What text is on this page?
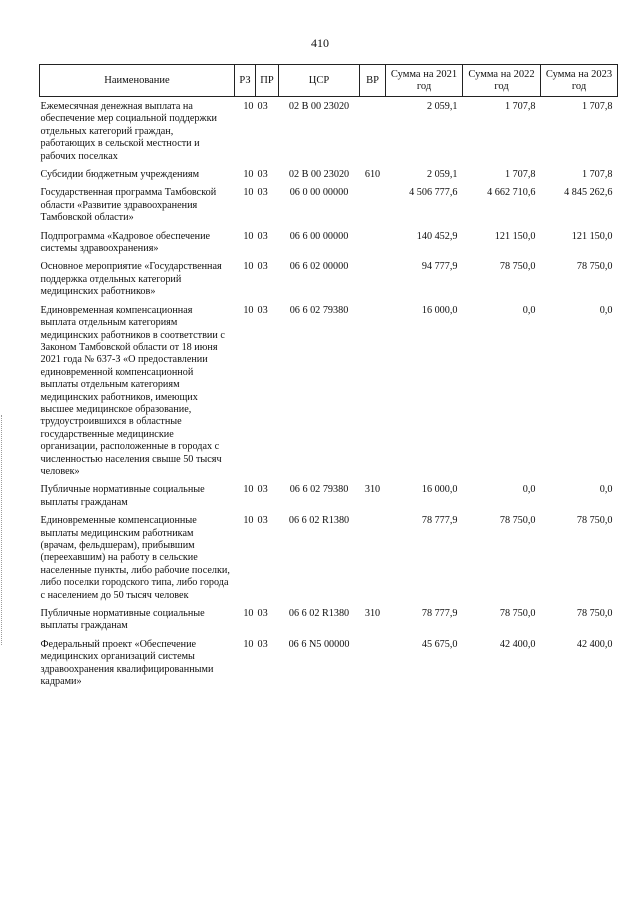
410
Наименование	РЗ	ПР	ЦСР	ВР	Сумма на 2021 год	Сумма на 2022 год	Сумма на 2023 год
Ежемесячная денежная выплата на обеспечение мер социальной поддержки отдельных категорий граждан, работающих в сельской местности и рабочих поселках	10	03	02 В 00 23020		2 059,1	1 707,8	1 707,8
Субсидии бюджетным учреждениям	10	03	02 В 00 23020	610	2 059,1	1 707,8	1 707,8
Государственная программа Тамбовской области «Развитие здравоохранения Тамбовской области»	10	03	06 0 00 00000		4 506 777,6	4 662 710,6	4 845 262,6
Подпрограмма «Кадровое обеспечение системы здравоохранения»	10	03	06 6 00 00000		140 452,9	121 150,0	121 150,0
Основное мероприятие «Государственная поддержка отдельных категорий медицинских работников»	10	03	06 6 02 00000		94 777,9	78 750,0	78 750,0
Единовременная компенсационная выплата отдельным категориям медицинских работников в соответствии с Законом Тамбовской области от 18 июня 2021 года № 637-З «О предоставлении единовременной компенсационной выплаты отдельным категориям медицинских работников, имеющих высшее медицинское образование, трудоустроившихся в областные государственные медицинские организации, расположенные в городах с численностью населения свыше 50 тысяч человек»	10	03	06 6 02 79380		16 000,0	0,0	0,0
Публичные нормативные социальные выплаты гражданам	10	03	06 6 02 79380	310	16 000,0	0,0	0,0
Единовременные компенсационные выплаты медицинским работникам (врачам, фельдшерам), прибывшим (переехавшим) на работу в сельские населенные пункты, либо рабочие поселки, либо поселки городского типа, либо города с населением до 50 тысяч человек	10	03	06 6 02 R1380		78 777,9	78 750,0	78 750,0
Публичные нормативные социальные выплаты гражданам	10	03	06 6 02 R1380	310	78 777,9	78 750,0	78 750,0
Федеральный проект «Обеспечение медицинских организаций системы здравоохранения квалифицированными кадрами»	10	03	06 6 N5 00000		45 675,0	42 400,0	42 400,0
